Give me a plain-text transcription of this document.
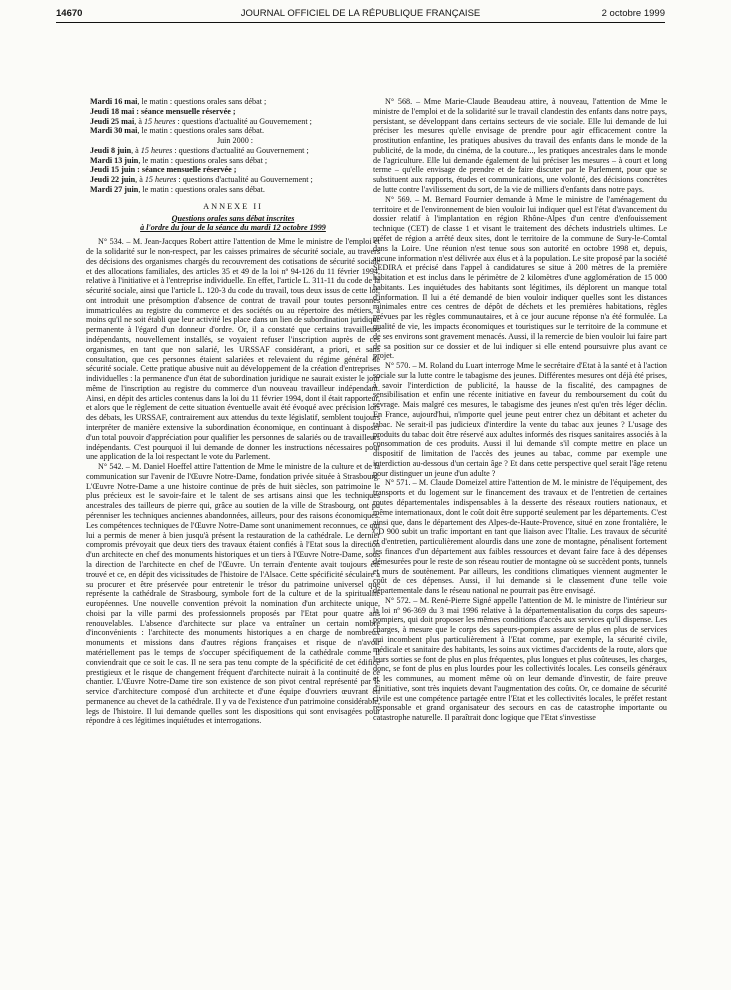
14670	JOURNAL OFFICIEL DE LA RÉPUBLIQUE FRANÇAISE	2 octobre 1999
Mardi 16 mai, le matin : questions orales sans débat ;
Jeudi 18 mai : séance mensuelle réservée ;
Jeudi 25 mai, à 15 heures : questions d'actualité au Gouvernement ;
Mardi 30 mai, le matin : questions orales sans débat.
Juin 2000 :
Jeudi 8 juin, à 15 heures : questions d'actualité au Gouvernement ;
Mardi 13 juin, le matin : questions orales sans débat ;
Jeudi 15 juin : séance mensuelle réservée ;
Jeudi 22 juin, à 15 heures : questions d'actualité au Gouvernement ;
Mardi 27 juin, le matin : questions orales sans débat.
ANNEXE II
Questions orales sans débat inscrites
à l'ordre du jour de la séance du mardi 12 octobre 1999

N° 534. – M. Jean-Jacques Robert attire l'attention de Mme le ministre de l'emploi et de la solidarité sur le non-respect, par les caisses primaires de sécurité sociale, au travers des décisions des organismes chargés du recouvrement des cotisations de sécurité sociale et des allocations familiales, des articles 35 et 49 de la loi nº 94-126 du 11 février 1994, relative à l'initiative et à l'entreprise individuelle. En effet, l'article L. 311-11 du code de la sécurité sociale, ainsi que l'article L. 120-3 du code du travail, tous deux issus de cette loi, ont introduit une présomption d'absence de contrat de travail pour toutes personnes immatriculées au registre du commerce et des sociétés ou au répertoire des métiers, à moins qu'il ne soit établi que leur activité les place dans un lien de subordination juridique permanente à l'égard d'un donneur d'ordre. Or, il a constaté que certains travailleurs indépendants, nouvellement installés, se voyaient refuser l'inscription auprès de ces organismes, en tant que non salarié, les URSSAF considérant, a priori, et sans consultation, que ces personnes étaient salariées et relevaient du régime général de sécurité sociale. Cette pratique abusive nuit au développement de la création d'entreprises individuelles : la permanence d'un état de subordination juridique ne saurait exister le jour même de l'inscription au registre du commerce d'un nouveau travailleur indépendant. Ainsi, en dépit des articles contenus dans la loi du 11 février 1994, dont il était rapporteur, et alors que le règlement de cette situation éventuelle avait été évoqué avec précision lors des débats, les URSSAF, contrairement aux attendus du texte législatif, semblent toujours interpréter de manière extensive la subordination économique, en continuant à disposer d'un total pouvoir d'appréciation pour qualifier les personnes de salariés ou de travailleurs indépendants. C'est pourquoi il lui demande de donner les instructions nécessaires pour une application de la loi respectant le vote du Parlement.

N° 542. – M. Daniel Hoeffel attire l'attention de Mme le ministre de la culture et de la communication sur l'avenir de l'Œuvre Notre-Dame, fondation privée située à Strasbourg. L'Œuvre Notre-Dame a une histoire continue de près de huit siècles, son patrimoine le plus précieux est le savoir-faire et le talent de ses artisans ainsi que les techniques ancestrales des tailleurs de pierre qui, grâce au soutien de la ville de Strasbourg, ont pu pérenniser les techniques anciennes abandonnées, ailleurs, pour des raisons économiques. Les compétences techniques de l'Œuvre Notre-Dame sont unanimement reconnues, ce qui lui a permis de mener à bien jusqu'à présent la restauration de la cathédrale. Le dernier compromis prévoyait que deux tiers des travaux étaient confiés à l'Etat sous la direction d'un architecte en chef des monuments historiques et un tiers à l'Œuvre Notre-Dame, sous la direction de l'architecte en chef de l'Œuvre. Un terrain d'entente avait toujours été trouvé et ce, en dépit des vicissitudes de l'histoire de l'Alsace. Cette spécificité séculaire a su procurer et être préservée pour entretenir le trésor du patrimoine universel que représente la cathédrale de Strasbourg, symbole fort de la culture et de la spiritualité européennes. Une nouvelle convention prévoit la nomination d'un architecte unique, choisi par la ville parmi des professionnels proposés par l'Etat pour quatre ans renouvelables. L'absence d'architecte sur place va entraîner un certain nombre d'inconvénients : l'architecte des monuments historiques a en charge de nombreux monuments et missions dans d'autres régions françaises et risque de n'avoir matériellement pas le temps de s'occuper spécifiquement de la cathédrale comme il conviendrait que ce soit le cas. Il ne sera pas tenu compte de la spécificité de cet édifice prestigieux et le risque de changement fréquent d'architecte nuirait à la continuité de ce chantier. L'Œuvre Notre-Dame tire son existence de son pivot central représenté par le service d'architecture composé d'un architecte et d'une équipe d'ouvriers œuvrant en permanence au chevet de la cathédrale. Il y va de l'existence d'un patrimoine considérable, legs de l'histoire. Il lui demande quelles sont les dispositions qui sont envisagées pour répondre à ces légitimes inquiétudes et interrogations.

N° 568. – Mme Marie-Claude Beaudeau attire, à nouveau, l'attention de Mme le ministre de l'emploi et de la solidarité sur le travail clandestin des enfants dans notre pays, persistant, se développant dans certains secteurs de vie sociale. Elle lui demande de lui préciser les mesures qu'elle envisage de prendre pour agir efficacement contre la prostitution enfantine, les pratiques abusives du travail des enfants dans le monde de la publicité, de la mode, du cinéma, de la couture..., les pratiques ancestrales dans le monde de l'agriculture. Elle lui demande également de lui préciser les mesures – à court et long terme – qu'elle envisage de prendre et de faire discuter par le Parlement, pour que se substituent aux rapports, études et communications, une volonté, des décisions concrètes de lutte contre l'avilissement du sort, de la vie de milliers d'enfants dans notre pays.

N° 569. – M. Bernard Fournier demande à Mme le ministre de l'aménagement du territoire et de l'environnement de bien vouloir lui indiquer quel est l'état d'avancement du dossier relatif à l'implantation en région Rhône-Alpes d'un centre d'enfouissement technique (CET) de classe 1 et visant le traitement des déchets industriels ultimes. Le préfet de région a arrêté deux sites, dont le territoire de la commune de Sury-le-Comtal dans la Loire. Une réunion n'est tenue sous son autorité en octobre 1998 et, depuis, aucune information n'est délivrée aux élus et à la population. Le site proposé par la société SEDIRA et précisé dans l'appel à candidatures se situe à 200 mètres de la première habitation et est inclus dans le périmètre de 2 kilomètres d'une agglomération de 15 000 habitants. Les inquiétudes des habitants sont légitimes, ils déplorent un manque total d'information. Il lui a été demandé de bien vouloir indiquer quelles sont les distances minimales entre ces centres de dépôt de déchets et les premières habitations, règles prévues par les règles communautaires, et à ce jour aucune réponse n'a été formulée. La qualité de vie, les impacts économiques et touristiques sur le territoire de la commune et de ses environs sont gravement menacés. Aussi, il la remercie de bien vouloir lui faire part de sa position sur ce dossier et de lui indiquer si elle entend poursuivre plus avant ce projet.

N° 570. – M. Roland du Luart interroge Mme le secrétaire d'Etat à la santé et à l'action sociale sur la lutte contre le tabagisme des jeunes. Différentes mesures ont déjà été prises, à savoir l'interdiction de publicité, la hausse de la fiscalité, des campagnes de sensibilisation et enfin une récente initiative en faveur du remboursement du coût du sevrage. Mais malgré ces mesures, le tabagisme des jeunes n'est qu'en très léger déclin. En France, aujourd'hui, n'importe quel jeune peut entrer chez un débitant et acheter du tabac. Ne serait-il pas judicieux d'interdire la vente du tabac aux jeunes ? L'usage des produits du tabac doit être réservé aux adultes informés des risques sanitaires associés à la consommation de ces produits. Aussi il lui demande s'il compte mettre en place un dispositif de limitation de l'accès des jeunes au tabac, comme par exemple une interdiction au-dessous d'un certain âge ? Et dans cette perspective quel serait l'âge retenu pour distinguer un jeune d'un adulte ?

N° 571. – M. Claude Domeizel attire l'attention de M. le ministre de l'équipement, des transports et du logement sur le financement des travaux et de l'entretien de certaines routes départementales indispensables à la desserte des réseaux routiers nationaux, et même internationaux, dont le coût doit être supporté seulement par les départements. C'est ainsi que, dans le département des Alpes-de-Haute-Provence, situé en zone frontalière, le CD 900 subit un trafic important en tant que liaison avec l'Italie. Les travaux de sécurité et d'entretien, particulièrement alourdis dans une zone de montagne, pénalisent fortement les finances d'un département aux faibles ressources et devant faire face à des dépenses démesurées pour le reste de son réseau routier de montagne où se succèdent ponts, tunnels et murs de soutènement. Par ailleurs, les conditions climatiques viennent augmenter le coût de ces dépenses. Aussi, il lui demande si le classement d'une telle voie départementale dans le réseau national ne pourrait pas être envisagé.

N° 572. – M. René-Pierre Signé appelle l'attention de M. le ministre de l'intérieur sur la loi nº 96-369 du 3 mai 1996 relative à la départementalisation du corps des sapeurs-pompiers, qui doit proposer les mêmes conditions d'accès aux services qu'il dispense. Les charges, à mesure que le corps des sapeurs-pompiers assure de plus en plus de services qui incombent plus particulièrement à l'Etat comme, par exemple, la sécurité civile, médicale et sanitaire des habitants, les soins aux victimes d'accidents de la route, alors que leurs sorties se font de plus en plus fréquentes, plus longues et plus coûteuses, les charges, donc, se font de plus en plus lourdes pour les collectivités locales. Les conseils généraux et les communes, au moment même où on leur demande d'investir, de faire preuve d'initiative, sont très inquiets devant l'augmentation des coûts. Or, ce domaine de sécurité civile est une compétence partagée entre l'Etat et les collectivités locales, le préfet restant responsable et grand organisateur des secours en cas de catastrophe importante ou catastrophe naturelle. Il paraîtrait donc logique que l'Etat s'investisse
